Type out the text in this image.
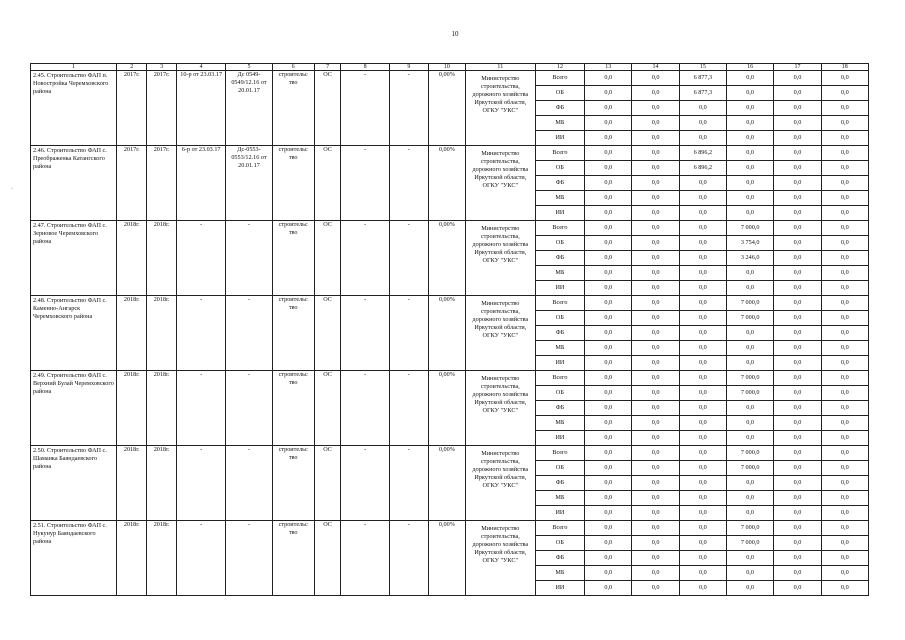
10
·
1	2	3	4	5	6	7	8	9	10	11	12	13	14	15	16	17	18
2.45. Строительство ФАП п. Новостройка Черемховского района	2017г.	2017г.	10-р от 23.03.17	Дс 0549-0549/12.16 от 20.01.17	строительс тво	ОС	-	-	0,00%	Министерство строительства, дорожного хозяйства Иркутской области, ОГКУ "УКС"	Всего	0,0	0,0	6 877,3	0,0	0,0	0,0
											ОБ	0,0	0,0	6 877,3	0,0	0,0	0,0
											ФБ	0,0	0,0	0,0	0,0	0,0	0,0
											МБ	0,0	0,0	0,0	0,0	0,0	0,0
											ИИ	0,0	0,0	0,0	0,0	0,0	0,0
2.46. Строительство ФАП с. Преображенка Катангского района	2017г.	2017г.	6-р от 23.03.17	Дс-0553-0553/12.16 от 20.01.17	строительс тво	ОС	-	-	0,00%	Министерство строительства, дорожного хозяйства Иркутской области, ОГКУ "УКС"	Всего	0,0	0,0	6 896,2	0,0	0,0	0,0
											ОБ	0,0	0,0	6 896,2	0,0	0,0	0,0
											ФБ	0,0	0,0	0,0	0,0	0,0	0,0
											МБ	0,0	0,0	0,0	0,0	0,0	0,0
											ИИ	0,0	0,0	0,0	0,0	0,0	0,0
2.47. Строительство ФАП с. Зерновое Черемховского района	2018г.	2018г.	-	-	строительс тво	ОС	-	-	0,00%	Министерство строительства, дорожного хозяйства Иркутской области, ОГКУ "УКС"	Всего	0,0	0,0	0,0	7 000,0	0,0	0,0
											ОБ	0,0	0,0	0,0	3 754,0	0,0	0,0
											ФБ	0,0	0,0	0,0	3 246,0	0,0	0,0
											МБ	0,0	0,0	0,0	0,0	0,0	0,0
											ИИ	0,0	0,0	0,0	0,0	0,0	0,0
2.48. Строительство ФАП с. Каменно-Ангарск Черемховского района	2018г.	2018г.	-	-	строительс тво	ОС	-	-	0,00%	Министерство строительства, дорожного хозяйства Иркутской области, ОГКУ "УКС"	Всего	0,0	0,0	0,0	7 000,0	0,0	0,0
											ОБ	0,0	0,0	0,0	7 000,0	0,0	0,0
											ФБ	0,0	0,0	0,0	0,0	0,0	0,0
											МБ	0,0	0,0	0,0	0,0	0,0	0,0
											ИИ	0,0	0,0	0,0	0,0	0,0	0,0
2.49. Строительство ФАП с. Верхний Булай Черемховского района	2018г.	2018г.	-	-	строительс тво	ОС	-	-	0,00%	Министерство строительства, дорожного хозяйства Иркутской области, ОГКУ "УКС"	Всего	0,0	0,0	0,0	7 000,0	0,0	0,0
											ОБ	0,0	0,0	0,0	7 000,0	0,0	0,0
											ФБ	0,0	0,0	0,0	0,0	0,0	0,0
											МБ	0,0	0,0	0,0	0,0	0,0	0,0
											ИИ	0,0	0,0	0,0	0,0	0,0	0,0
2.50. Строительство ФАП с. Шаманка Баяндаевского района	2018г.	2018г.	-	-	строительс тво	ОС	-	-	0,00%	Министерство строительства, дорожного хозяйства Иркутской области, ОГКУ "УКС"	Всего	0,0	0,0	0,0	7 000,0	0,0	0,0
											ОБ	0,0	0,0	0,0	7 000,0	0,0	0,0
											ФБ	0,0	0,0	0,0	0,0	0,0	0,0
											МБ	0,0	0,0	0,0	0,0	0,0	0,0
											ИИ	0,0	0,0	0,0	0,0	0,0	0,0
2.51. Строительство ФАП с. Нукунур Баяндаевского района	2018г.	2018г.	-	-	строительс тво	ОС	-	-	0,00%	Министерство строительства, дорожного хозяйства Иркутской области, ОГКУ "УКС"	Всего	0,0	0,0	0,0	7 000,0	0,0	0,0
											ОБ	0,0	0,0	0,0	7 000,0	0,0	0,0
											ФБ	0,0	0,0	0,0	0,0	0,0	0,0
											МБ	0,0	0,0	0,0	0,0	0,0	0,0
											ИИ	0,0	0,0	0,0	0,0	0,0	0,0
